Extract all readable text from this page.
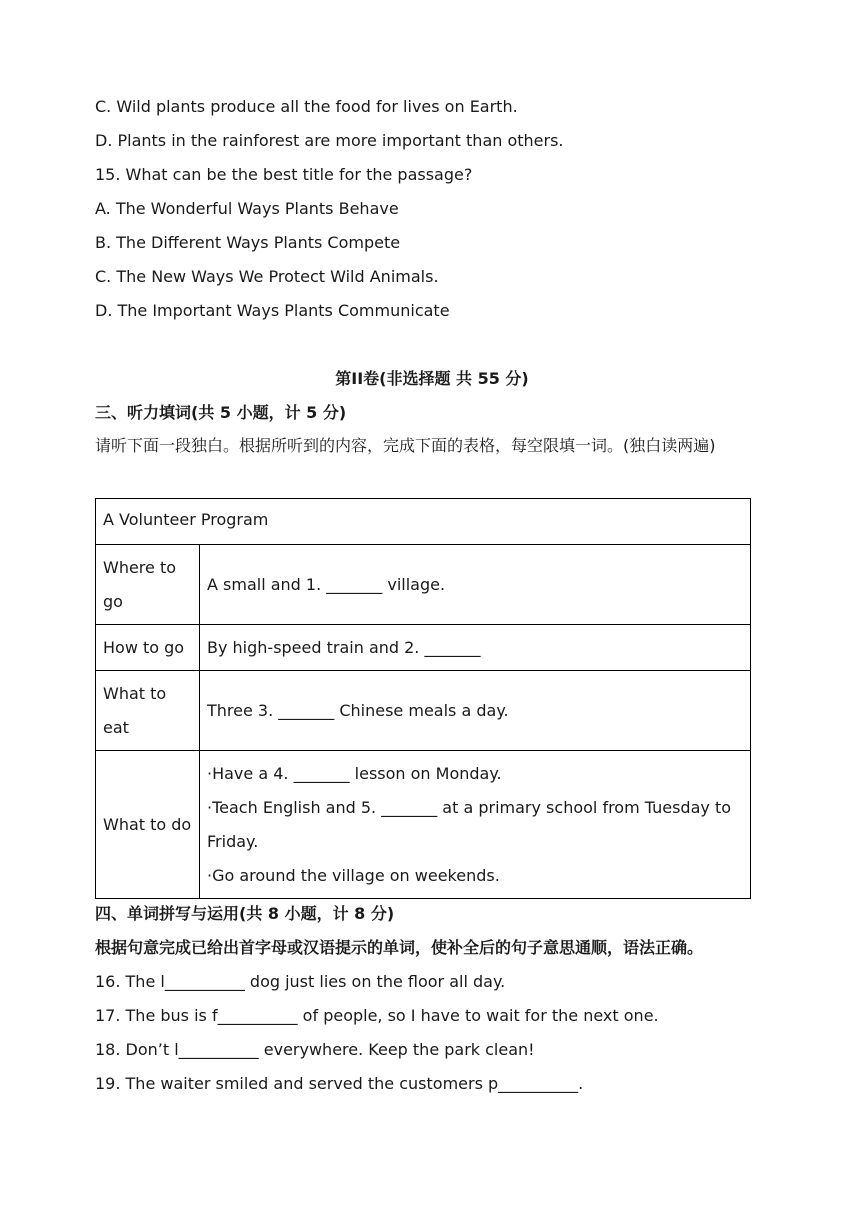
C. Wild plants produce all the food for lives on Earth.
D. Plants in the rainforest are more important than others.
15. What can be the best title for the passage?
A. The Wonderful Ways Plants Behave
B. The Different Ways Plants Compete
C. The New Ways We Protect Wild Animals.
D. The Important Ways Plants Communicate
第II卷(非选择题 共 55 分)
三、听力填词(共 5 小题，计 5 分)
请听下面一段独白。根据所听到的内容，完成下面的表格，每空限填一词。(独白读两遍)
A Volunteer Program	
Where to go	A small and 1. _______ village.
How to go	By high-speed train and 2. _______
What to eat	Three 3. _______ Chinese meals a day.
What to do	·Have a 4. _______ lesson on Monday.
·Teach English and 5. _______ at a primary school from Tuesday to Friday.
·Go around the village on weekends.
四、单词拼写与运用(共 8 小题，计 8 分)
根据句意完成已给出首字母或汉语提示的单词，使补全后的句子意思通顺，语法正确。
16. The l__________ dog just lies on the floor all day.
17. The bus is f__________ of people, so I have to wait for the next one.
18. Don’t l__________ everywhere. Keep the park clean!
19. The waiter smiled and served the customers p__________.
